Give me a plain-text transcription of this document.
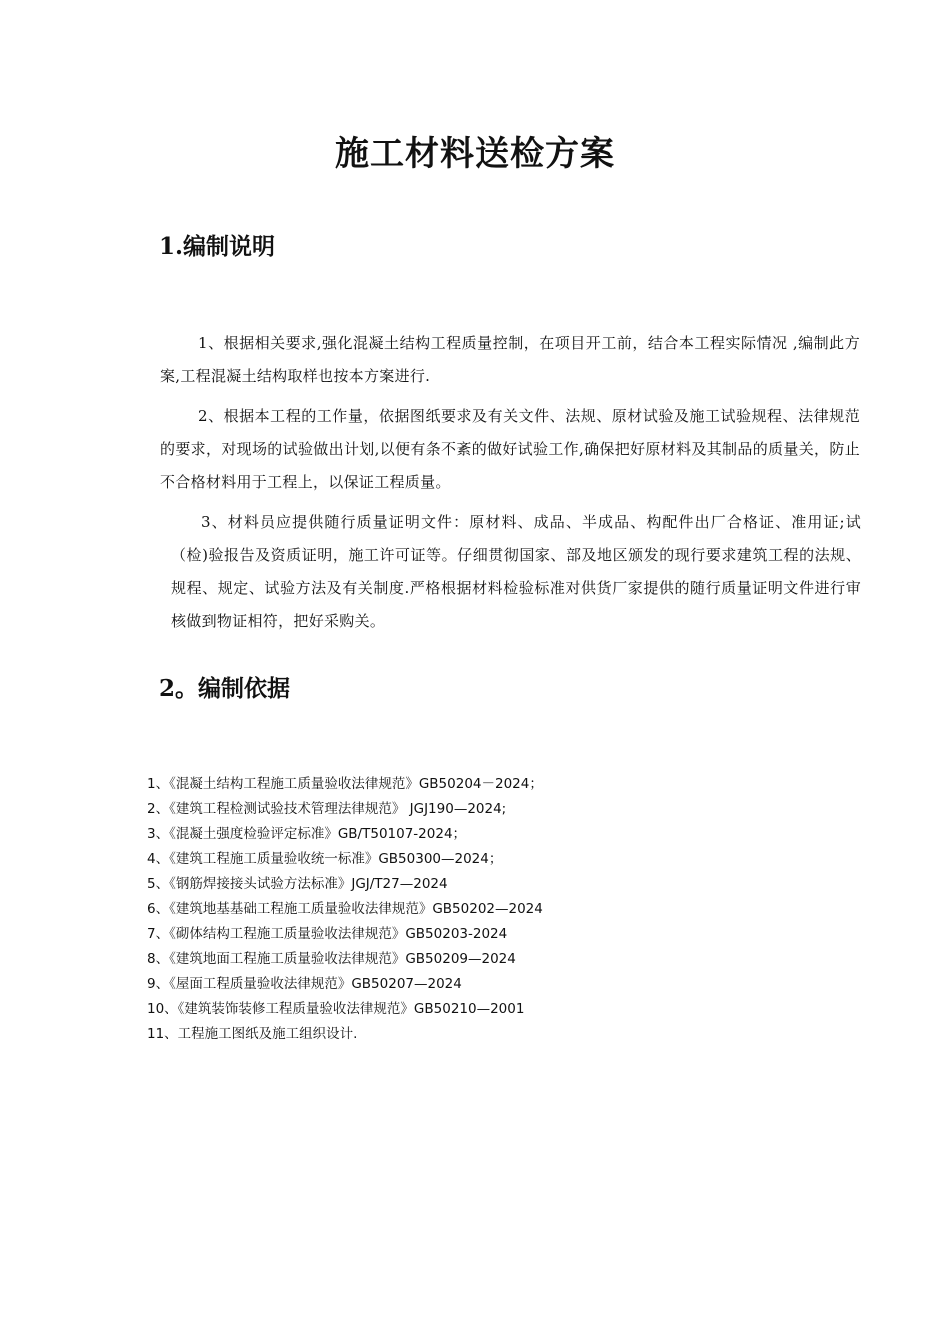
施工材料送检方案
1.编制说明

1、根据相关要求,强化混凝土结构工程质量控制，在项目开工前，结合本工程实际情况 ,编制此方案,工程混凝土结构取样也按本方案进行.

2、根据本工程的工作量，依据图纸要求及有关文件、法规、原材试验及施工试验规程、法律规范的要求，对现场的试验做出计划,以便有条不紊的做好试验工作,确保把好原材料及其制品的质量关，防止不合格材料用于工程上，以保证工程质量。

3、材料员应提供随行质量证明文件：原材料、成品、半成品、构配件出厂合格证、准用证;试（检)验报告及资质证明，施工许可证等。仔细贯彻国家、部及地区颁发的现行要求建筑工程的法规、规程、规定、试验方法及有关制度.严格根据材料检验标准对供货厂家提供的随行质量证明文件进行审核做到物证相符，把好采购关。

2。编制依据
1、《混凝土结构工程施工质量验收法律规范》GB50204－2024；
2、《建筑工程检测试验技术管理法律规范》 JGJ190—2024;
3、《混凝土强度检验评定标准》GB/T50107-2024；
4、《建筑工程施工质量验收统一标准》GB50300—2024；
5、《钢筋焊接接头试验方法标准》JGJ/T27—2024
6、《建筑地基基础工程施工质量验收法律规范》GB50202—2024
7、《砌体结构工程施工质量验收法律规范》GB50203-2024
8、《建筑地面工程施工质量验收法律规范》GB50209—2024
9、《屋面工程质量验收法律规范》GB50207—2024
10、《建筑装饰装修工程质量验收法律规范》GB50210—2001
11、工程施工图纸及施工组织设计.
